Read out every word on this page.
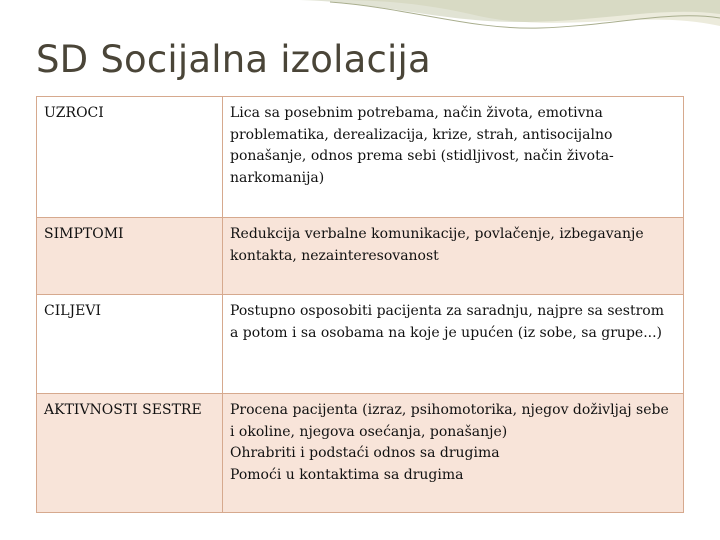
SD Socijalna izolacija
UZROCI	Lica sa posebnim potrebama, način života, emotivna problematika, derealizacija, krize, strah, antisocijalno ponašanje, odnos prema sebi (stidljivost, način života-narkomanija)

SIMPTOMI	Redukcija verbalne komunikacije, povlačenje, izbegavanje kontakta, nezainteresovanost

CILJEVI	Postupno osposobiti pacijenta za saradnju, najpre sa sestrom a potom i sa osobama na koje je upućen (iz sobe, sa grupe...)

AKTIVNOSTI SESTRE	Procena pacijenta (izraz, psihomotorika, njegov doživljaj sebe i okoline, njegova osećanja, ponašanje)
Ohrabriti i podstaći odnos sa drugima
Pomoći u kontaktima sa drugima
